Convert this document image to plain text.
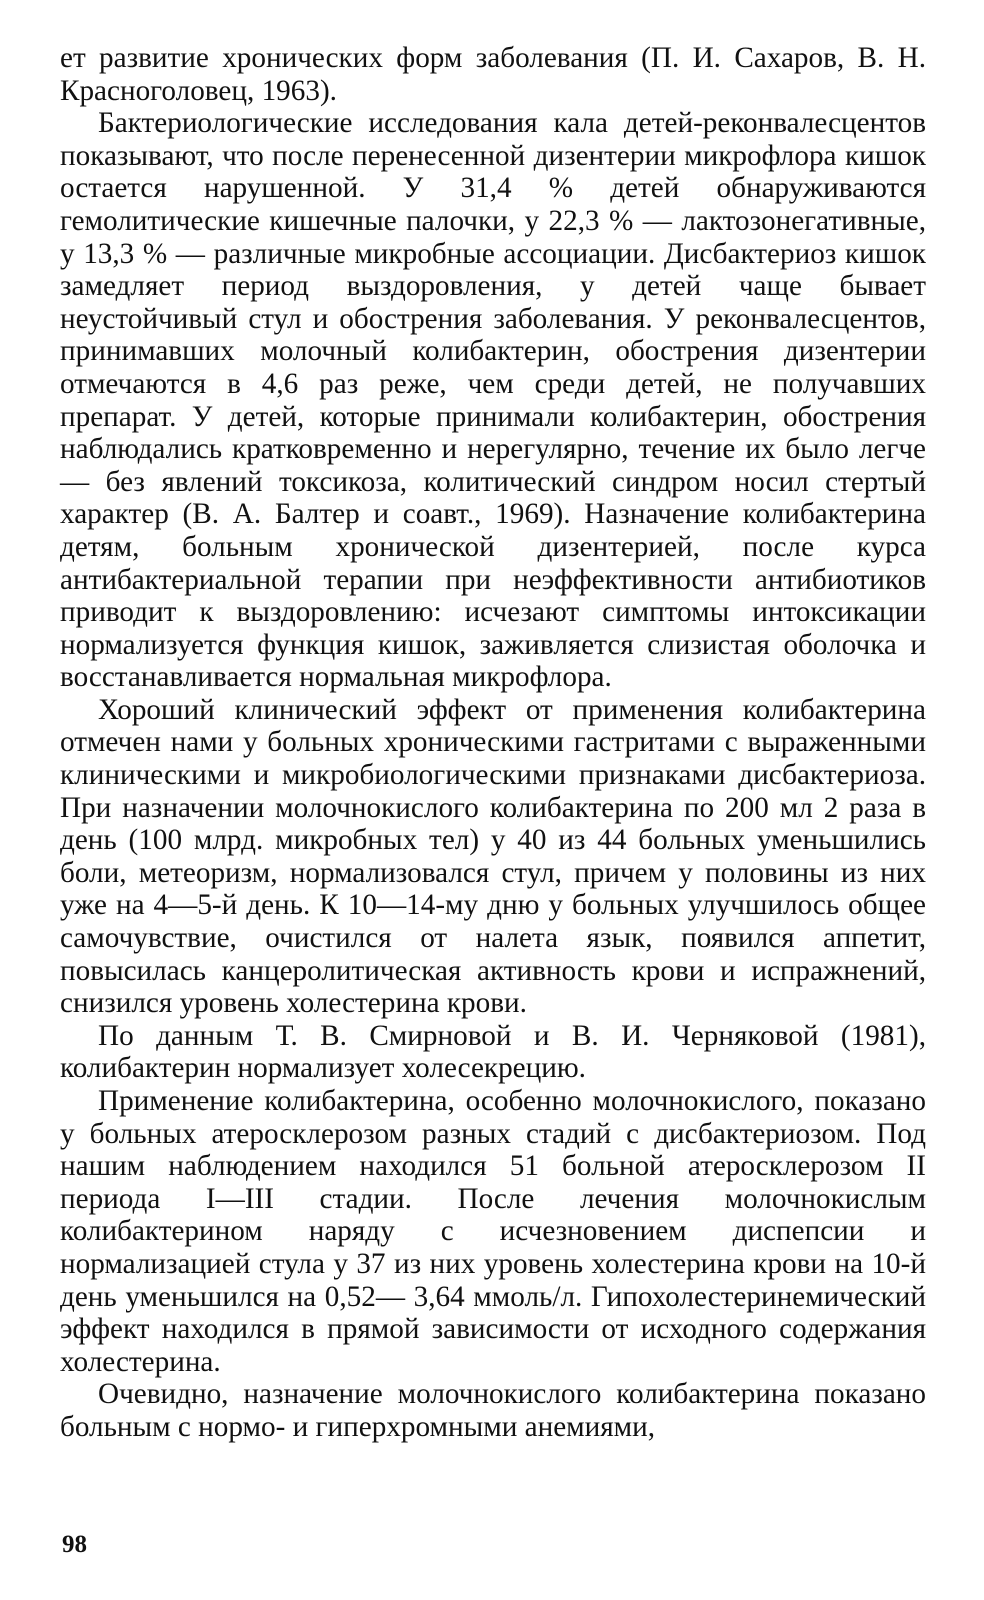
ет развитие хронических форм заболевания (П. И. Сахаров, В. Н. Красноголовец, 1963).

Бактериологические исследования кала детей-реконвалесцентов показывают, что после перенесенной дизентерии микрофлора кишок остается нарушенной. У 31,4 % детей обнаруживаются гемолитические кишечные палочки, у 22,3 % — лактозонегативные, у 13,3 % — различные микробные ассоциации. Дисбактериоз кишок замедляет период выздоровления, у детей чаще бывает неустойчивый стул и обострения заболевания. У реконвалесцентов, принимавших молочный колибактерин, обострения дизентерии отмечаются в 4,6 раз реже, чем среди детей, не получавших препарат. У детей, которые принимали колибактерин, обострения наблюдались кратковременно и нерегулярно, течение их было легче — без явлений токсикоза, колитический синдром носил стертый характер (В. А. Балтер и соавт., 1969). Назначение колибактерина детям, больным хронической дизентерией, после курса антибактериальной терапии при неэффективности антибиотиков приводит к выздоровлению: исчезают симптомы интоксикации нормализуется функция кишок, заживляется слизистая оболочка и восстанавливается нормальная микрофлора.

Хороший клинический эффект от применения колибактерина отмечен нами у больных хроническими гастритами с выраженными клиническими и микробиологическими признаками дисбактериоза. При назначении молочнокислого колибактерина по 200 мл 2 раза в день (100 млрд. микробных тел) у 40 из 44 больных уменьшились боли, метеоризм, нормализовался стул, причем у половины из них уже на 4—5-й день. К 10—14-му дню у больных улучшилось общее самочувствие, очистился от налета язык, появился аппетит, повысилась канцеролитическая активность крови и испражнений, снизился уровень холестерина крови.

По данным Т. В. Смирновой и В. И. Черняковой (1981), колибактерин нормализует холесекрецию.

Применение колибактерина, особенно молочнокислого, показано у больных атеросклерозом разных стадий с дисбактериозом. Под нашим наблюдением находился 51 больной атеросклерозом II периода I—III стадии. После лечения молочнокислым колибактерином наряду с исчезновением диспепсии и нормализацией стула у 37 из них уровень холестерина крови на 10-й день уменьшился на 0,52— 3,64 ммоль/л. Гипохолестеринемический эффект находился в прямой зависимости от исходного содержания холестерина.

Очевидно, назначение молочнокислого колибактерина показано больным с нормо- и гиперхромными анемиями,

98
